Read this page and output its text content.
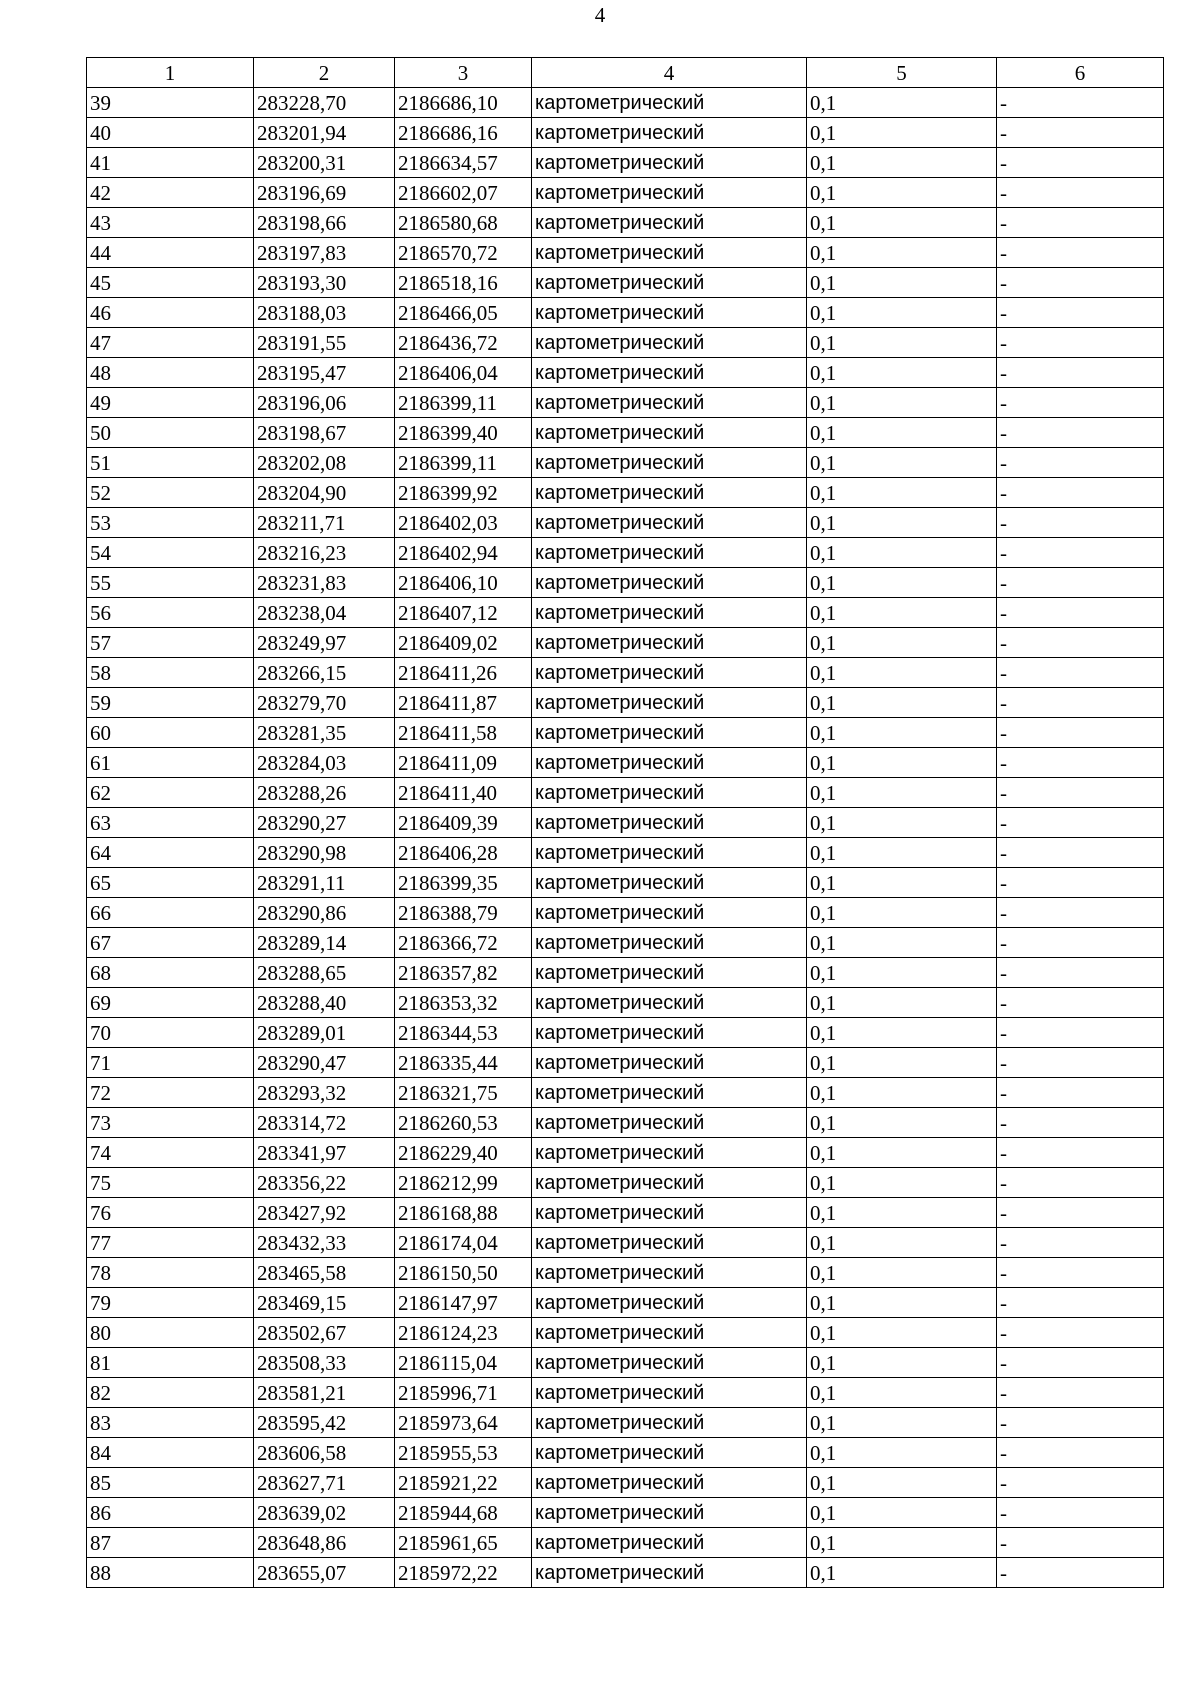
4
1	2	3	4	5	6
39	283228,70	2186686,10	картометрический	0,1	-
40	283201,94	2186686,16	картометрический	0,1	-
41	283200,31	2186634,57	картометрический	0,1	-
42	283196,69	2186602,07	картометрический	0,1	-
43	283198,66	2186580,68	картометрический	0,1	-
44	283197,83	2186570,72	картометрический	0,1	-
45	283193,30	2186518,16	картометрический	0,1	-
46	283188,03	2186466,05	картометрический	0,1	-
47	283191,55	2186436,72	картометрический	0,1	-
48	283195,47	2186406,04	картометрический	0,1	-
49	283196,06	2186399,11	картометрический	0,1	-
50	283198,67	2186399,40	картометрический	0,1	-
51	283202,08	2186399,11	картометрический	0,1	-
52	283204,90	2186399,92	картометрический	0,1	-
53	283211,71	2186402,03	картометрический	0,1	-
54	283216,23	2186402,94	картометрический	0,1	-
55	283231,83	2186406,10	картометрический	0,1	-
56	283238,04	2186407,12	картометрический	0,1	-
57	283249,97	2186409,02	картометрический	0,1	-
58	283266,15	2186411,26	картометрический	0,1	-
59	283279,70	2186411,87	картометрический	0,1	-
60	283281,35	2186411,58	картометрический	0,1	-
61	283284,03	2186411,09	картометрический	0,1	-
62	283288,26	2186411,40	картометрический	0,1	-
63	283290,27	2186409,39	картометрический	0,1	-
64	283290,98	2186406,28	картометрический	0,1	-
65	283291,11	2186399,35	картометрический	0,1	-
66	283290,86	2186388,79	картометрический	0,1	-
67	283289,14	2186366,72	картометрический	0,1	-
68	283288,65	2186357,82	картометрический	0,1	-
69	283288,40	2186353,32	картометрический	0,1	-
70	283289,01	2186344,53	картометрический	0,1	-
71	283290,47	2186335,44	картометрический	0,1	-
72	283293,32	2186321,75	картометрический	0,1	-
73	283314,72	2186260,53	картометрический	0,1	-
74	283341,97	2186229,40	картометрический	0,1	-
75	283356,22	2186212,99	картометрический	0,1	-
76	283427,92	2186168,88	картометрический	0,1	-
77	283432,33	2186174,04	картометрический	0,1	-
78	283465,58	2186150,50	картометрический	0,1	-
79	283469,15	2186147,97	картометрический	0,1	-
80	283502,67	2186124,23	картометрический	0,1	-
81	283508,33	2186115,04	картометрический	0,1	-
82	283581,21	2185996,71	картометрический	0,1	-
83	283595,42	2185973,64	картометрический	0,1	-
84	283606,58	2185955,53	картометрический	0,1	-
85	283627,71	2185921,22	картометрический	0,1	-
86	283639,02	2185944,68	картометрический	0,1	-
87	283648,86	2185961,65	картометрический	0,1	-
88	283655,07	2185972,22	картометрический	0,1	-
